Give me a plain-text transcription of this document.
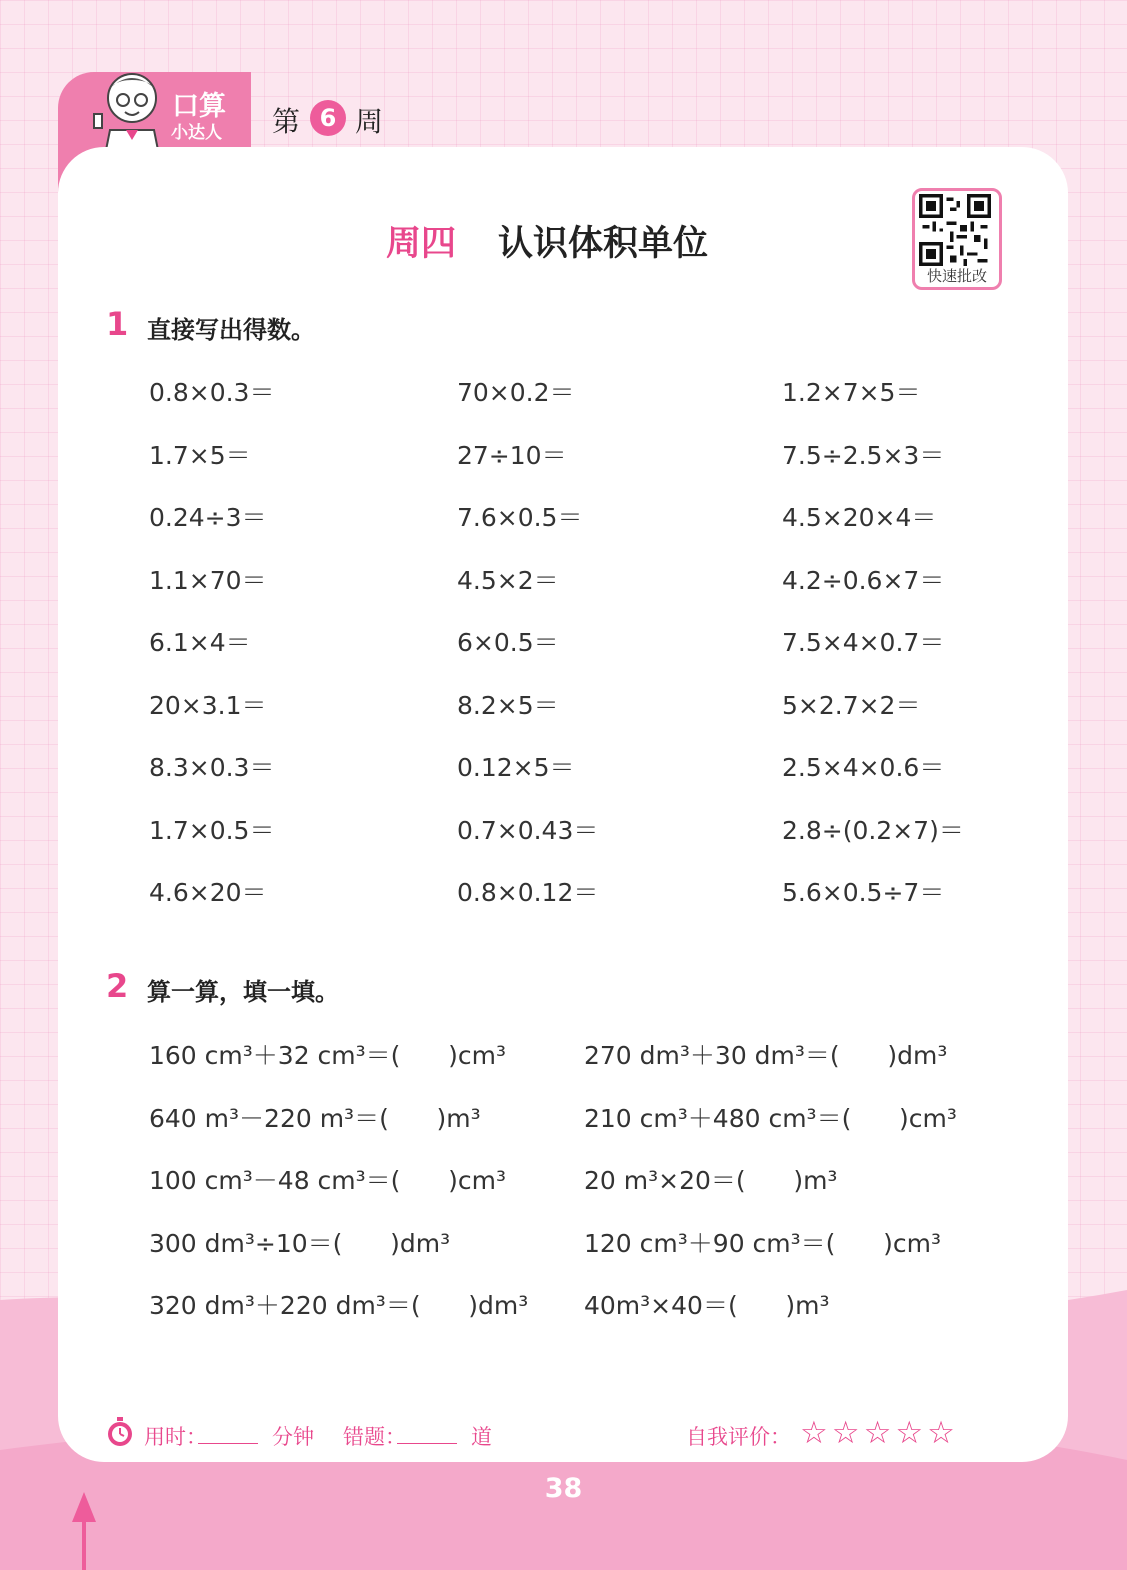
口算
小达人 第 6 周
周四 认识体积单位
快速批改
1 直接写出得数。
0.8×0.3＝	70×0.2＝	1.2×7×5＝
1.7×5＝	27÷10＝	7.5÷2.5×3＝
0.24÷3＝	7.6×0.5＝	4.5×20×4＝
1.1×70＝	4.5×2＝	4.2÷0.6×7＝
6.1×4＝	6×0.5＝	7.5×4×0.7＝
20×3.1＝	8.2×5＝	5×2.7×2＝
8.3×0.3＝	0.12×5＝	2.5×4×0.6＝
1.7×0.5＝	0.7×0.43＝	2.8÷(0.2×7)＝
4.6×20＝	0.8×0.12＝	5.6×0.5÷7＝
2 算一算，填一填。
160 cm³＋32 cm³＝(      )cm³	270 dm³＋30 dm³＝(      )dm³
640 m³－220 m³＝(      )m³	210 cm³＋480 cm³＝(      )cm³
100 cm³－48 cm³＝(      )cm³	20 m³×20＝(      )m³
300 dm³÷10＝(      )dm³	120 cm³＋90 cm³＝(      )cm³
320 dm³＋220 dm³＝(      )dm³ 40m³×40＝(      )m³
用时：	分钟 错题：	道	自我评价： ☆☆☆☆☆
38
